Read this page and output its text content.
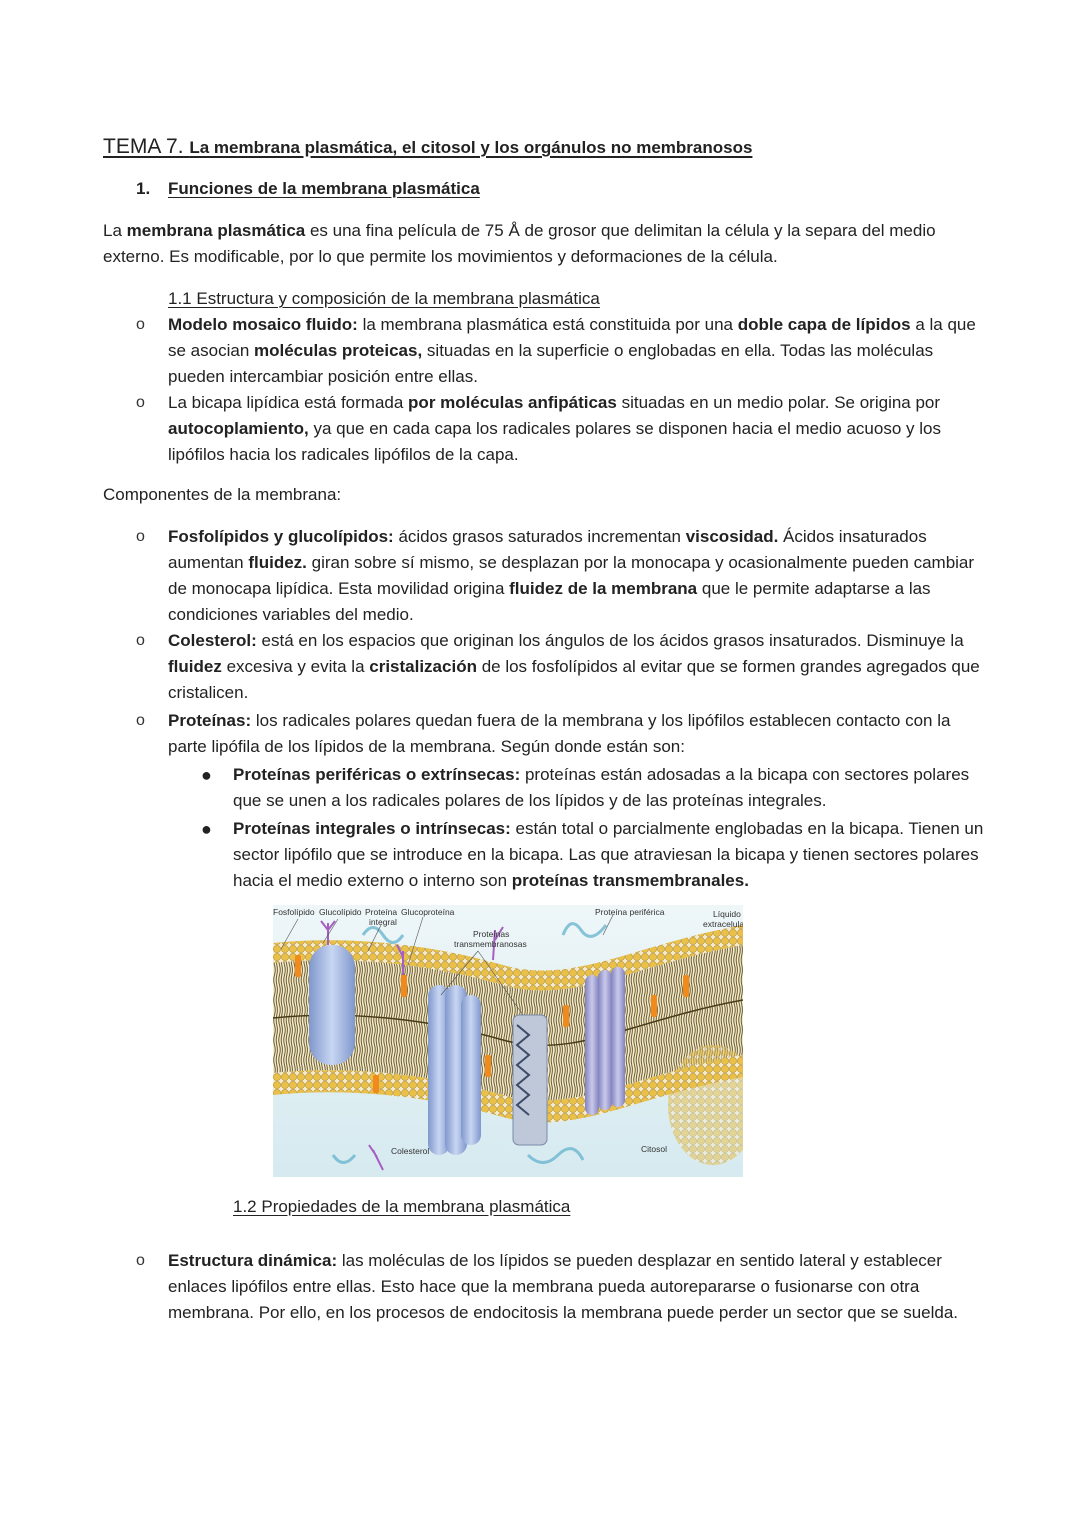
TEMA 7. La membrana plasmática, el citosol y los orgánulos no membranosos
1. Funciones de la membrana plasmática
La membrana plasmática es una fina película de 75 Å de grosor que delimitan la célula y la separa del medio externo. Es modificable, por lo que permite los movimientos y deformaciones de la célula.
1.1 Estructura y composición de la membrana plasmática
o Modelo mosaico fluido: la membrana plasmática está constituida por una doble capa de lípidos a la que se asocian moléculas proteicas, situadas en la superficie o englobadas en ella. Todas las moléculas pueden intercambiar posición entre ellas.
o La bicapa lipídica está formada por moléculas anfipáticas situadas en un medio polar. Se origina por autocoplamiento, ya que en cada capa los radicales polares se disponen hacia el medio acuoso y los lipófilos hacia los radicales lipófilos de la capa.
Componentes de la membrana:
o Fosfolípidos y glucolípidos: ácidos grasos saturados incrementan viscosidad. Ácidos insaturados aumentan fluidez. giran sobre sí mismo, se desplazan por la monocapa y ocasionalmente pueden cambiar de monocapa lipídica. Esta movilidad origina fluidez de la membrana que le permite adaptarse a las condiciones variables del medio.
o Colesterol: está en los espacios que originan los ángulos de los ácidos grasos insaturados. Disminuye la fluidez excesiva y evita la cristalización de los fosfolípidos al evitar que se formen grandes agregados que cristalicen.
o Proteínas: los radicales polares quedan fuera de la membrana y los lipófilos establecen contacto con la parte lipófila de los lípidos de la membrana. Según donde están son:
● Proteínas periféricas o extrínsecas: proteínas están adosadas a la bicapa con sectores polares que se unen a los radicales polares de los lípidos y de las proteínas integrales.
● Proteínas integrales o intrínsecas: están total o parcialmente englobadas en la bicapa. Tienen un sector lipófilo que se introduce en la bicapa. Las que atraviesan la bicapa y tienen sectores polares hacia el medio externo o interno son proteínas transmembranales.
Fosfolípido Glucolípido Proteína
integral
Glucoproteína
Proteínas
transmembranosas
Proteína periférica	Líquido
extracelular
Colesterol	Citosol
1.2 Propiedades de la membrana plasmática
o Estructura dinámica: las moléculas de los lípidos se pueden desplazar en sentido lateral y establecer enlaces lipófilos entre ellas. Esto hace que la membrana pueda autorepararse o fusionarse con otra membrana. Por ello, en los procesos de endocitosis la membrana puede perder un sector que se suelda.
